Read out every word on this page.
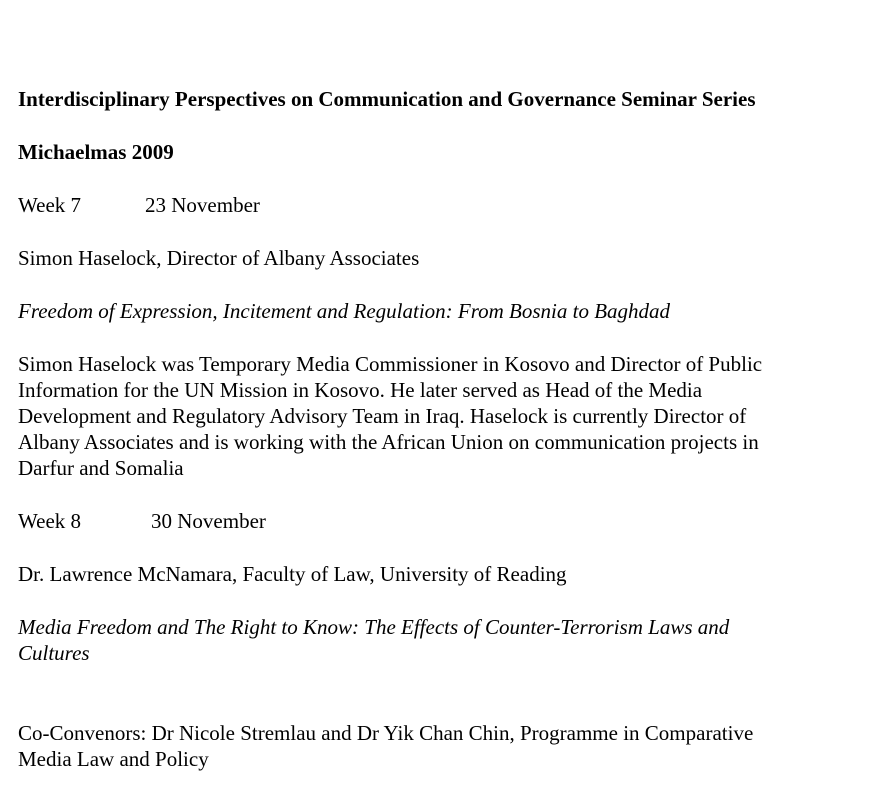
Interdisciplinary Perspectives on Communication and Governance Seminar Series

Michaelmas 2009

Week 7	23 November

Simon Haselock, Director of Albany Associates

Freedom of Expression, Incitement and Regulation: From Bosnia to Baghdad

Simon Haselock was Temporary Media Commissioner in Kosovo and Director of Public

Information for the UN Mission in Kosovo. He later served as Head of the Media

Development and Regulatory Advisory Team in Iraq. Haselock is currently Director of

Albany Associates and is working with the African Union on communication projects in

Darfur and Somalia

Week 8	30 November

Dr. Lawrence McNamara, Faculty of Law, University of Reading

Media Freedom and The Right to Know: The Effects of Counter-Terrorism Laws and

Cultures

Co-Convenors: Dr Nicole Stremlau and Dr Yik Chan Chin, Programme in Comparative

Media Law and Policy
